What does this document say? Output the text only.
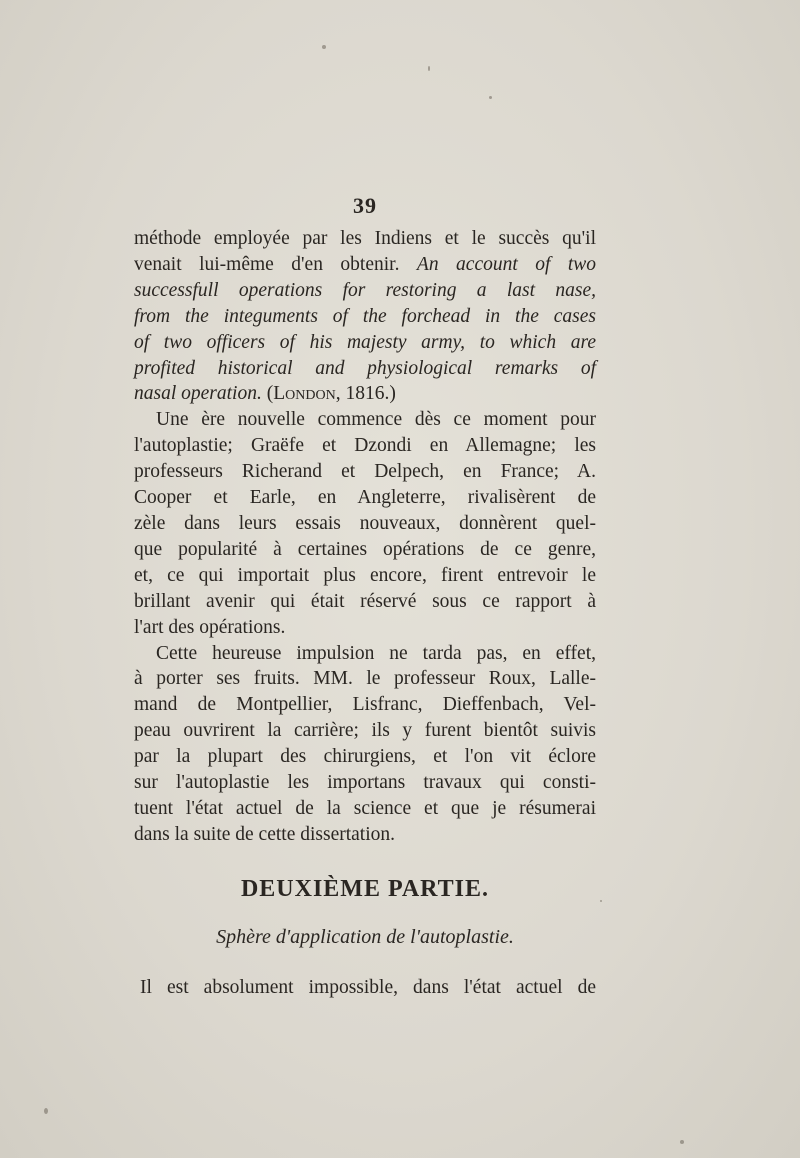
39
méthode employée par les Indiens et le succès qu'il
venait lui-même d'en obtenir. An account of two
successfull operations for restoring a last nase,
from the integuments of the forchead in the cases
of two officers of his majesty army, to which are
profited historical and physiological remarks of
nasal operation. (London, 1816.)
Une ère nouvelle commence dès ce moment pour
l'autoplastie; Graëfe et Dzondi en Allemagne; les
professeurs Richerand et Delpech, en France; A.
Cooper et Earle, en Angleterre, rivalisèrent de
zèle dans leurs essais nouveaux, donnèrent quel-
que popularité à certaines opérations de ce genre,
et, ce qui importait plus encore, firent entrevoir le
brillant avenir qui était réservé sous ce rapport à
l'art des opérations.
Cette heureuse impulsion ne tarda pas, en effet,
à porter ses fruits. MM. le professeur Roux, Lalle-
mand de Montpellier, Lisfranc, Dieffenbach, Vel-
peau ouvrirent la carrière; ils y furent bientôt suivis
par la plupart des chirurgiens, et l'on vit éclore
sur l'autoplastie les importans travaux qui consti-
tuent l'état actuel de la science et que je résumerai
dans la suite de cette dissertation.
DEUXIÈME PARTIE.
Sphère d'application de l'autoplastie.
Il est absolument impossible, dans l'état actuel de
